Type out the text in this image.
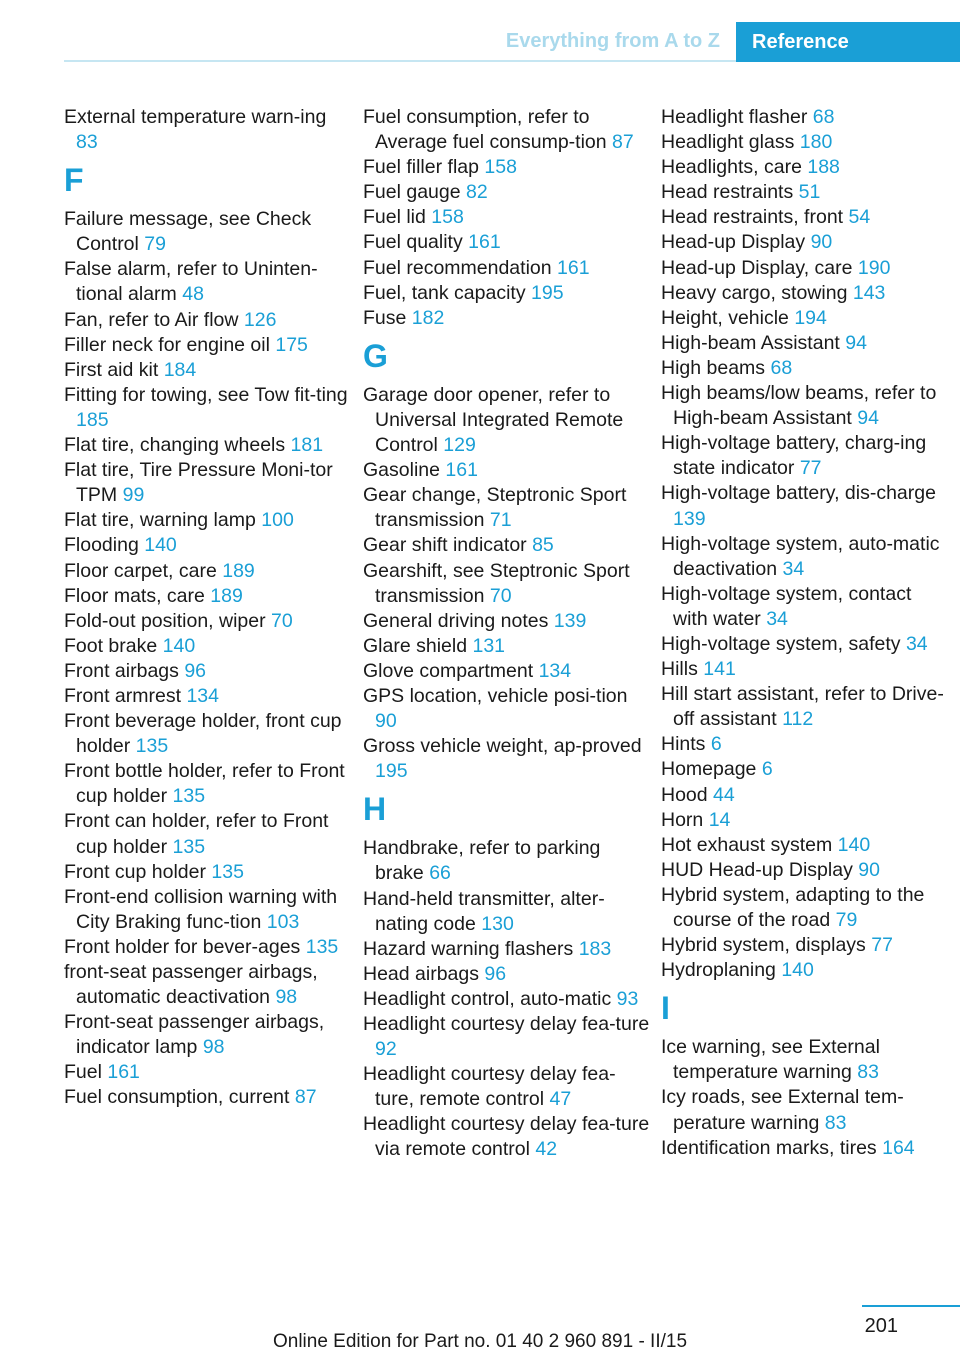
Everything from A to Z Reference
External temperature warn-ing 83
F
Failure message, see Check Control 79
False alarm, refer to Uninten-tional alarm 48
Fan, refer to Air flow 126
Filler neck for engine oil 175
First aid kit 184
Fitting for towing, see Tow fit-ting 185
Flat tire, changing wheels 181
Flat tire, Tire Pressure Moni-tor TPM 99
Flat tire, warning lamp 100
Flooding 140
Floor carpet, care 189
Floor mats, care 189
Fold-out position, wiper 70
Foot brake 140
Front airbags 96
Front armrest 134
Front beverage holder, front cup holder 135
Front bottle holder, refer to Front cup holder 135
Front can holder, refer to Front cup holder 135
Front cup holder 135
Front-end collision warning with City Braking func-tion 103
Front holder for bever-ages 135
front-seat passenger airbags, automatic deactivation 98
Front-seat passenger airbags, indicator lamp 98
Fuel 161
Fuel consumption, current 87
Fuel consumption, refer to Average fuel consump-tion 87
Fuel filler flap 158
Fuel gauge 82
Fuel lid 158
Fuel quality 161
Fuel recommendation 161
Fuel, tank capacity 195
Fuse 182
G
Garage door opener, refer to Universal Integrated Remote Control 129
Gasoline 161
Gear change, Steptronic Sport transmission 71
Gear shift indicator 85
Gearshift, see Steptronic Sport transmission 70
General driving notes 139
Glare shield 131
Glove compartment 134
GPS location, vehicle posi-tion 90
Gross vehicle weight, ap-proved 195
H
Handbrake, refer to parking brake 66
Hand-held transmitter, alter-nating code 130
Hazard warning flashers 183
Head airbags 96
Headlight control, auto-matic 93
Headlight courtesy delay fea-ture 92
Headlight courtesy delay fea-ture, remote control 47
Headlight courtesy delay fea-ture via remote control 42
Headlight flasher 68
Headlight glass 180
Headlights, care 188
Head restraints 51
Head restraints, front 54
Head-up Display 90
Head-up Display, care 190
Heavy cargo, stowing 143
Height, vehicle 194
High-beam Assistant 94
High beams 68
High beams/low beams, refer to High-beam Assistant 94
High-voltage battery, charg-ing state indicator 77
High-voltage battery, dis-charge 139
High-voltage system, auto-matic deactivation 34
High-voltage system, contact with water 34
High-voltage system, safety 34
Hills 141
Hill start assistant, refer to Drive-off assistant 112
Hints 6
Homepage 6
Hood 44
Horn 14
Hot exhaust system 140
HUD Head-up Display 90
Hybrid system, adapting to the course of the road 79
Hybrid system, displays 77
Hydroplaning 140
I
Ice warning, see External temperature warning 83
Icy roads, see External tem-perature warning 83
Identification marks, tires 164
201
Online Edition for Part no. 01 40 2 960 891 - II/15
